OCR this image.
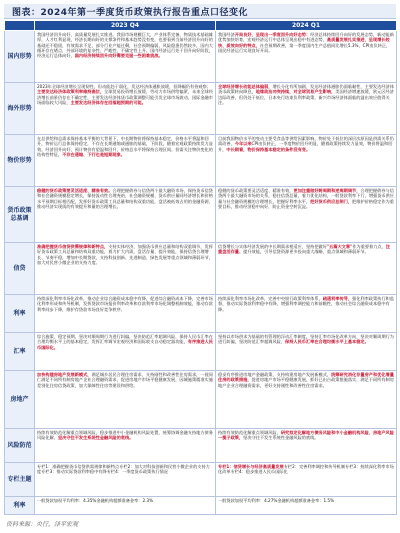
图表：2024年第一季度货币政策执行报告重点口径变化
	2023 Q4	2024 Q1
国内形势	我国经济回升向好，高质量发展扎实推进。我国市场规模巨大，产业体系完备，物质技术基础雄厚，人才红利显现，经济长期向好的支撑条件和基本趋势没有变，也要看到当前经济回升向好的基础还不稳固，有效需求不足，部分行业产能过剩，社会预期偏弱，风险隐患仍然较多，国内大循环存在堵点，外部环境的复杂性、严峻性、不确定性上升。国内经济运行处于回升向好阶段，经济运行总体向好，国内经济持续回升向好需要克服一些困难挑战。	我国经济开局良好，呈现出一季度回升向好态势：经济总体持续回升向好的发展态势，新动能新优势加快培育，宏观经济运行中总体呈现出稳中有进态势，高质量发展扎实推进，呈现增长较快、质效向好的特点，社会预期改善，第一季度国内生产总值同比增长5.3%，CPI由负转正，国民经济运行实现良好开局。

海外形势	2023年全球经济增长呈现韧性，但动能趋于弱化，发达经济体通胀放缓，但降幅仍有待观察；主要发达经济体政策利率维持高位，全球贸易投资增长放缓，劳动力市场供给偏紧，未来全球经济增长前景仍存在不确定性，主要发达经济体货币政策调整可能引发全球市场波动，国际金融市场面临较大风险，主要发达经济体存在回落超预期的可能。	全球经济增长动能总体偏弱，增长分化有所加剧，发达经济体通胀仍面临黏性，主要发达经济体货币政策转向降息，地缘政治冲突持续，对全球贸易产生影响，美国经济增速放缓，欧元区经济边际改善，但仍处于低位，日本央行结束负利率政策，新兴市场经济体面临的溢出效应值得关注。

物价形势	在总供给和总需求保持基本平衡的大背景下，中长期物价将保持基本稳定，价格水平将温和回升，物价运行总体保持稳定，不存在长期通缩或通胀的基础，下阶段，随着宏观政策持续发力显效，经济回升向好，预计物价有望温和回升，价格总水平将保持合理区间。但需关注物价变化的结构性特征，不存在通缩、下行也是短期现象。	目前我国物价水平的变动主要受食品等供给因素影响，物价处于低位的深层次原因是供需关系仍需改善，今年以来CPI由负转正，一季度物价回升明显，随着政策持续发力显效，物价将温和回升，中长期看，物价保持基本稳定的条件没有变。

货币政策总基调	稳健的货币政策要灵活适度、精准有效。合理把握债券与信贷两个最大融资市场，保持货币信贷和社会融资规模稳定增长，保持流动性合理充裕，社会融资规模、货币供应量同经济增长和价格水平预期目标相匹配，发挥好货币政策工具总量和结构双重功能，盘活被低效占用的金融资源，推动经济实现质的有效提升和量的合理增长。	稳健的货币政策要灵活适度、精准有效，更加注重做好跨周期和逆周期调节，合理把握债券与信贷两个最大融资市场的关系，稳住信贷总量，着力优化结构，一般贷款利率下行，增强货币供应量与社会融资规模的合理增长，把握好利率水平，把好货币供应总闸门，把维护价格稳定作为重要目标，推动经济稳中向好，防止资金空转沉淀。

信贷	准确把握货币信贷供需规律和新特点，支持实体经济，加强货币供应总量和结构双重调节，发挥好货币政策工具总量和结构双重功能，着力扩大内需，盘活存量、提升效能，保持信贷合理增长、节奏平稳，增加中长期贷款，支持科技创新、先进制造、绿色发展等重点领域和薄弱环节，加大对民营小微企业的支持力度。	信贷增长与实体经济发展的中长期需求相适应，坚持把做好"五篇大文章"作为重要着力点，注重盘活存量、提升效能，引导信贷资源更多投向重大战略、重点领域和薄弱环节。

利率	持续深化利率市场化改革，推动企业综合融资成本稳中有降，促进综合融资成本下降，完善市场化利率形成和传导机制，发挥贷款市场报价利率改革和存款利率市场化调整机制效能，推动存款利率同步下降，维护存贷款市场良好竞争秩序。	持续深化利率市场化改革，完善中央银行政策利率体系，疏通利率传导，强化利率政策执行和监督，推动实际贷款利率稳中有降，增强利率调控能力和前瞻性，推动社会综合融资成本稳中有降。

汇率	综合施策、稳定预期，坚决对顺周期行为进行纠偏，坚决防范汇率超调风险，保持人民币汇率在合理均衡水平上的基本稳定，发挥汇率调节宏观经济和国际收支自动稳定器功能，有序推进人民币国际化。	坚持以市场供求为基础的有管理的浮动汇率制度，坚持汇率市场化改革方向，坚决对顺周期行为进行纠偏，坚决防范汇率超调风险，保持人民币汇率在合理均衡水平上基本稳定。

房地产	加快构建房地产发展新模式，满足城乡居民合理住房需求，支持刚性和改善性住房需求，一视同仁满足不同所有制房地产企业合理融资需求，促进房地产市场平稳健康发展，因城施策精准实施差别化住房信贷政策，加大保障性住房等建设和供给。	稳妥有序推进房地产金融政策，支持构建房地产发展新模式，统筹研究消化存量房产和优化增量住房的政策措施，促进房地产市场平稳健康发展，抓好已出台政策措施落实，满足不同所有制房地产企业合理融资需求，更好支持刚性和改善性住房需求。

风险防范	持续有效防范化解重点领域风险，稳步推进中小金融机构风险处置，统筹协调金融支持地方债务风险化解，坚决守住不发生系统性金融风险的底线。	持续有效防范化解重点领域风险，研究拟定化解地方债务风险和中小金融机构风险、房地产风险一揽子政策，坚决守住不发生系统性金融风险的底线。

专栏主题	专栏1：准确把握货币信贷供需规律和新特点专栏2：加大对科技创新和民营小微企业的支持力度专栏3：推动实际贷款利率稳中有降专栏4：一季度货币政策执行情况	专栏1：信贷增长与经济高质量发展专栏2：完善利率调控和传导机制专栏3：持续深化利率市场化改革专栏4：稳步推进人民币国际化

利率	一般贷款加权平均利率：4.35%金融机构超额准备金率：2.3%	一般贷款加权平均利率：4.27%金融机构超额准备金率：1.5%

资料来源：央行，泽平宏观
